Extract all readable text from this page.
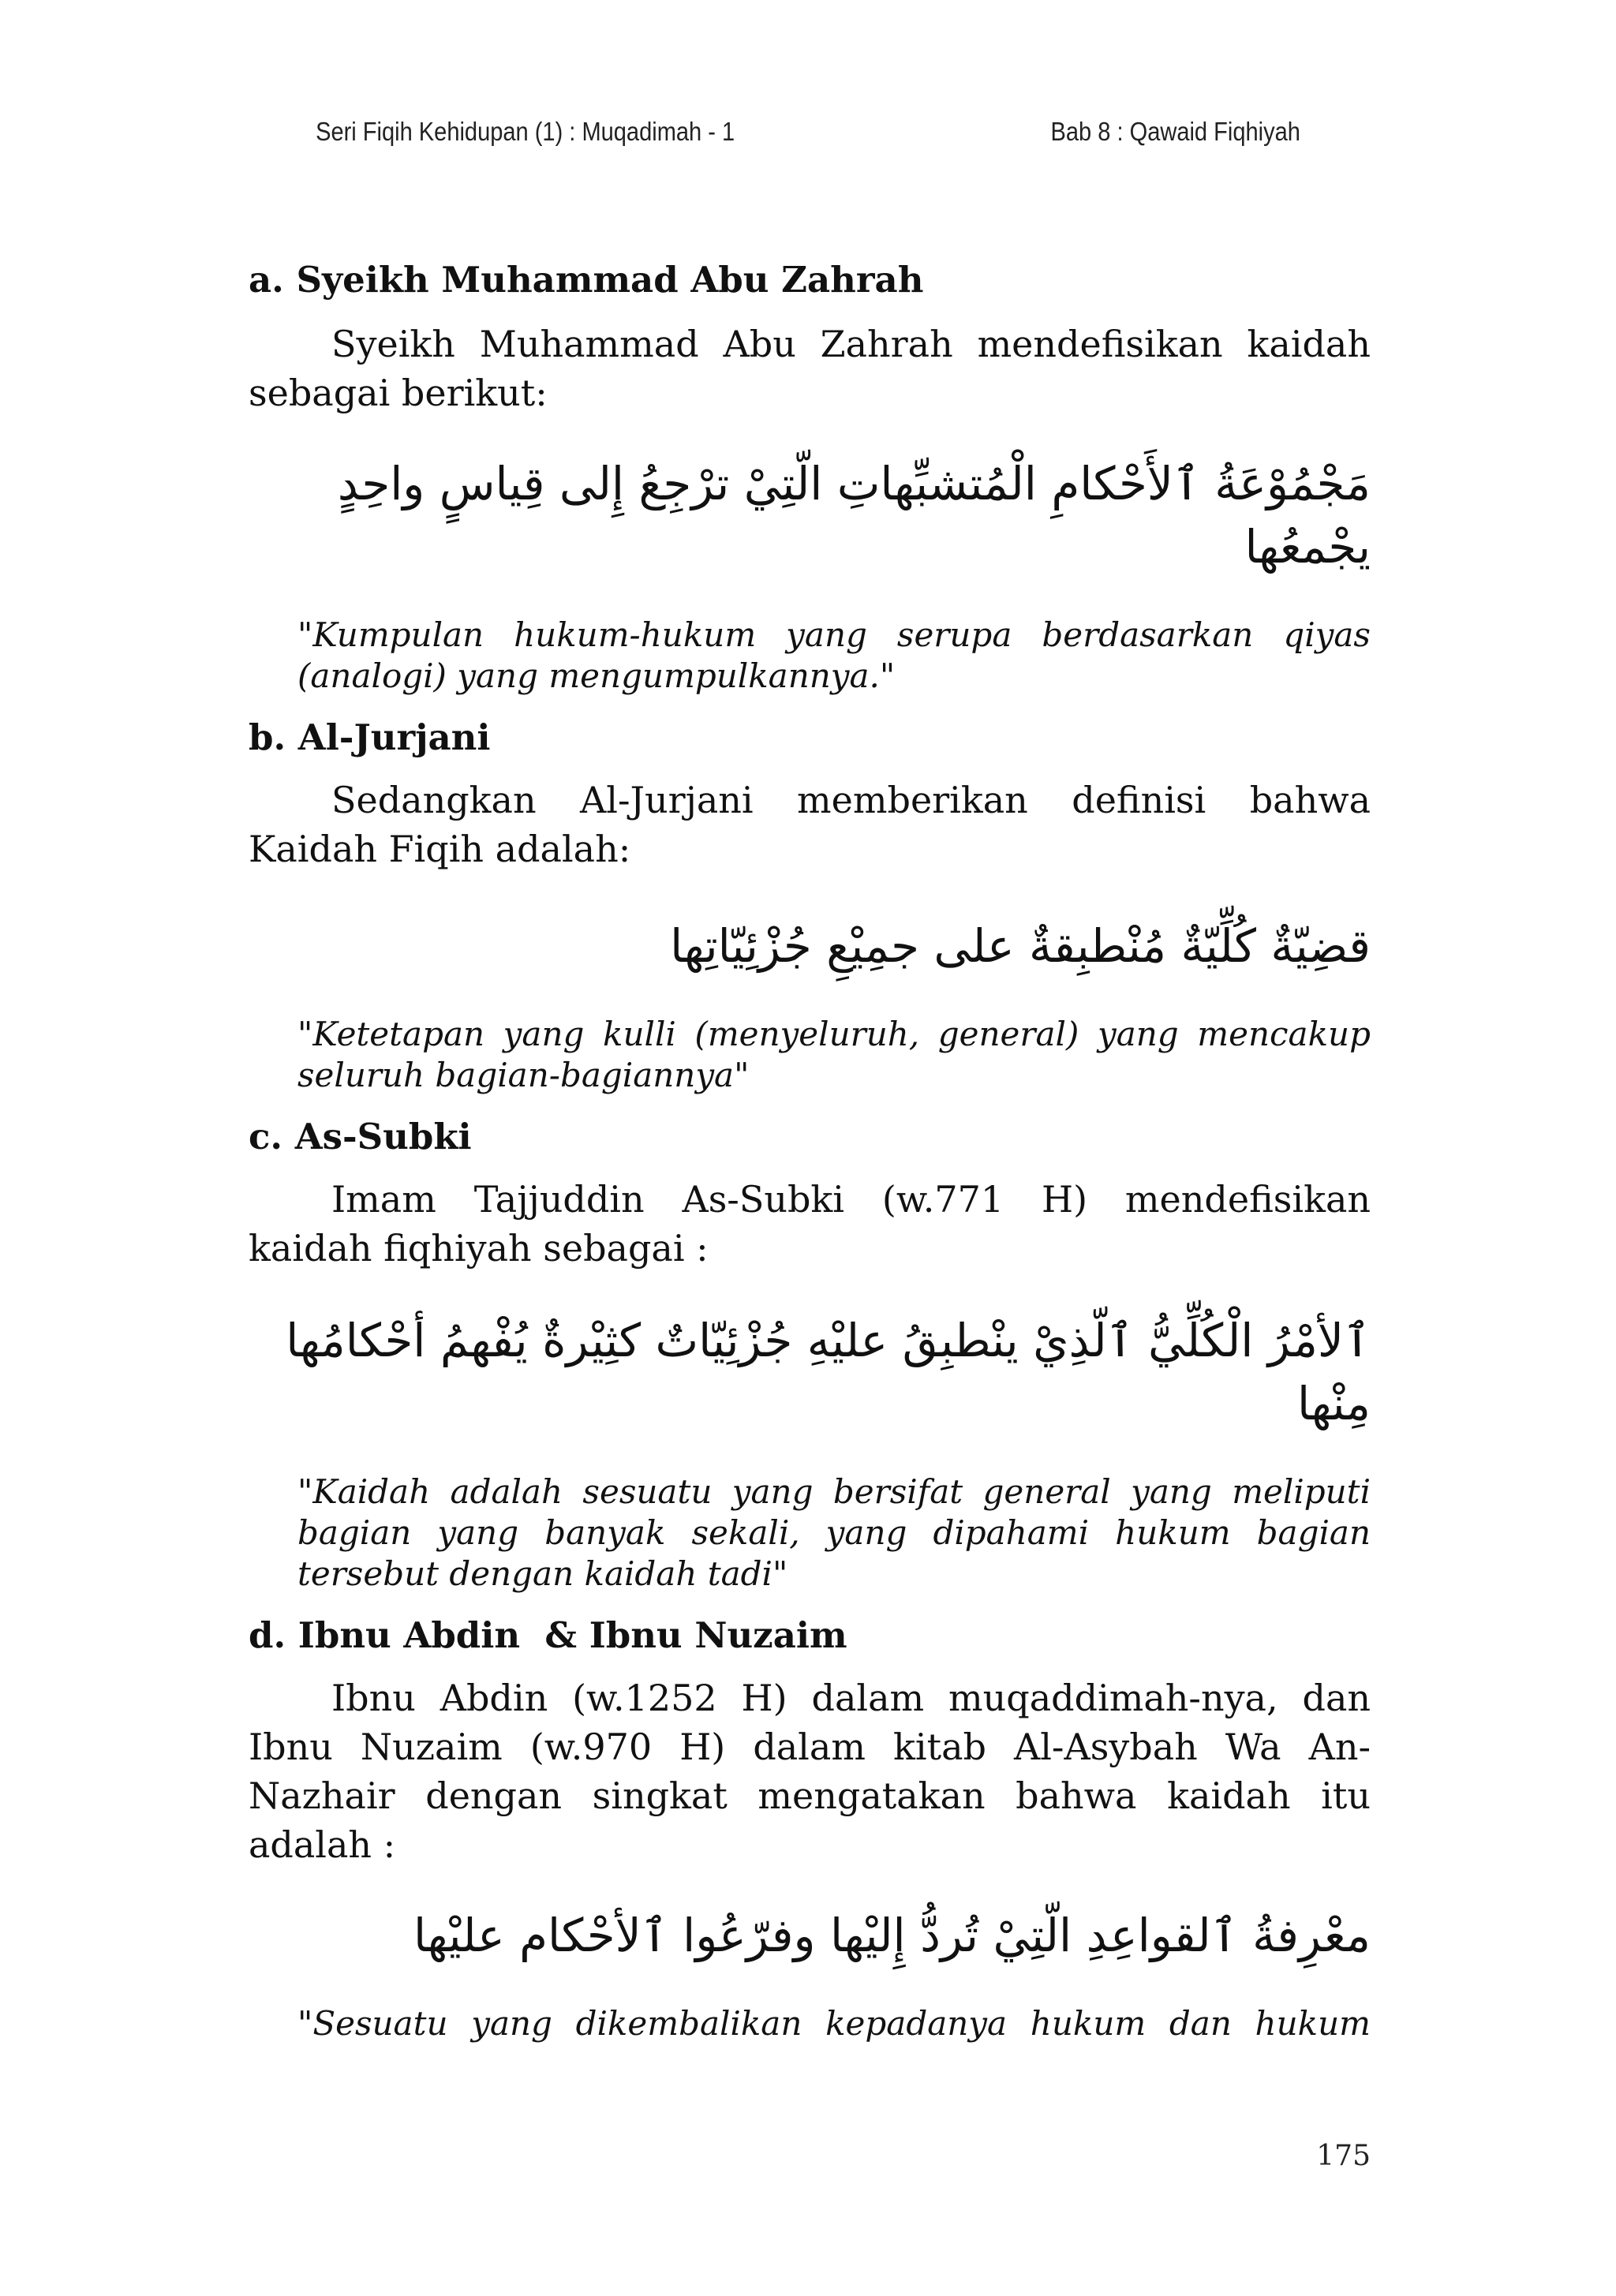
Seri Fiqih Kehidupan (1) : Muqadimah - 1	Bab 8 : Qawaid Fiqhiyah
a. Syeikh Muhammad Abu Zahrah

Syeikh Muhammad Abu Zahrah mendefisikan kaidah sebagai berikut:

مَجْمُوْعَةُ ٱلأَحْكامِ الْمُتشبِّهاتِ الّتِيْ ترْجِعُ إِلى قِياسٍ واحِدٍ يجْمعُها

"Kumpulan hukum-hukum yang serupa berdasarkan qiyas (analogi) yang mengumpulkannya."

b. Al-Jurjani

Sedangkan Al-Jurjani memberikan definisi bahwa Kaidah Fiqih adalah:

قضِيّةٌ كُلِّيّةٌ مُنْطبِقةٌ على جمِيْعِ جُزْئِيّاتِها

"Ketetapan yang kulli (menyeluruh, general) yang mencakup seluruh bagian-bagiannya"

c. As-Subki

Imam Tajjuddin As-Subki (w.771 H) mendefisikan kaidah fiqhiyah sebagai :

ٱلأمْرُ الْكُلِّيُّ ٱلّذِيْ ينْطبِقُ عليْهِ جُزْئِيّاتٌ كثِيْرةٌ يُفْهمُ أحْكامُها مِنْها

"Kaidah adalah sesuatu yang bersifat general yang meliputi bagian yang banyak sekali, yang dipahami hukum bagian tersebut dengan kaidah tadi"

d. Ibnu Abdin  & Ibnu Nuzaim

Ibnu Abdin (w.1252 H) dalam muqaddimah-nya, dan Ibnu Nuzaim (w.970 H) dalam kitab Al-Asybah Wa An-Nazhair dengan singkat mengatakan bahwa kaidah itu adalah :

معْرِفةُ ٱلقواعِدِ الّتِيْ تُردُّ إِليْها وفرّعُوا ٱلأحْكام عليْها

"Sesuatu yang dikembalikan kepadanya hukum dan hukum

175
